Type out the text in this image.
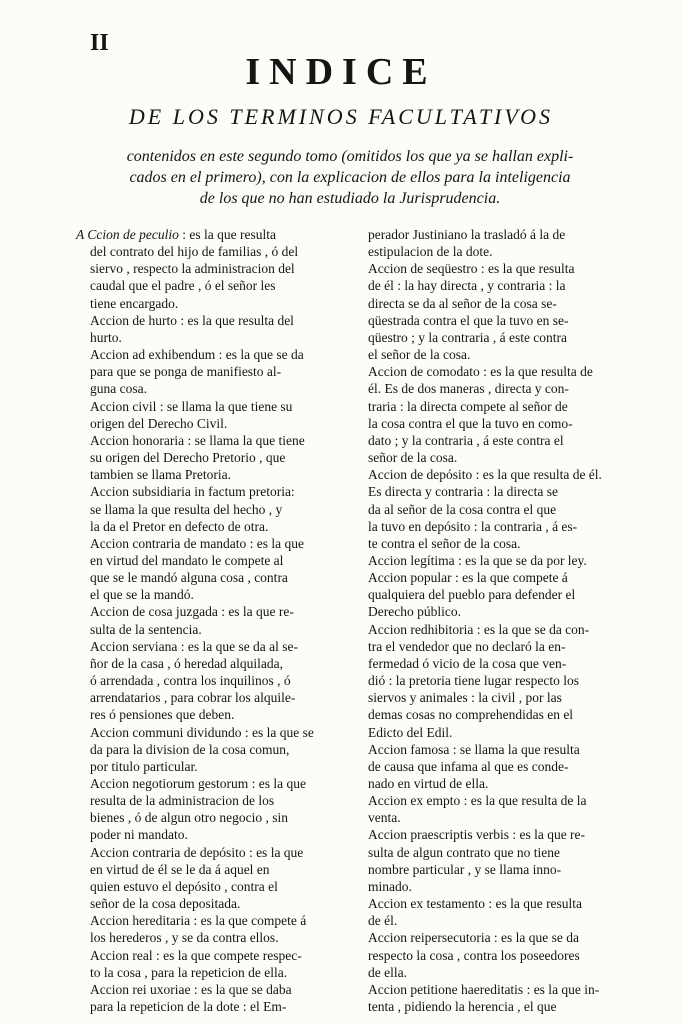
II
INDICE
DE LOS TERMINOS FACULTATIVOS
contenidos en este segundo tomo (omitidos los que ya se hallan expli-
cados en el primero), con la explicacion de ellos para la inteligencia
de los que no han estudiado la Jurisprudencia.
A Ccion de peculio : es la que resulta
del contrato del hijo de familias , ó del
siervo , respecto la administracion del
caudal que el padre , ó el señor les
tiene encargado.
Accion de hurto : es la que resulta del
hurto.
Accion ad exhibendum : es la que se da
para que se ponga de manifiesto al-
guna cosa.
Accion civil : se llama la que tiene su
origen del Derecho Civil.
Accion honoraria : se llama la que tiene
su origen del Derecho Pretorio , que
tambien se llama Pretoria.
Accion subsidiaria in factum pretoria:
se llama la que resulta del hecho , y
la da el Pretor en defecto de otra.
Accion contraria de mandato : es la que
en virtud del mandato le compete al
que se le mandó alguna cosa , contra
el que se la mandó.
Accion de cosa juzgada : es la que re-
sulta de la sentencia.
Accion serviana : es la que se da al se-
ñor de la casa , ó heredad alquilada,
ó arrendada , contra los inquilinos , ó
arrendatarios , para cobrar los alquile-
res ó pensiones que deben.
Accion communi dividundo : es la que se
da para la division de la cosa comun,
por titulo particular.
Accion negotiorum gestorum : es la que
resulta de la administracion de los
bienes , ó de algun otro negocio , sin
poder ni mandato.
Accion contraria de depósito : es la que
en virtud de él se le da á aquel en
quien estuvo el depósito , contra el
señor de la cosa depositada.
Accion hereditaria : es la que compete á
los herederos , y se da contra ellos.
Accion real : es la que compete respec-
to la cosa , para la repeticion de ella.
Accion rei uxoriae : es la que se daba
para la repeticion de la dote : el Em-
perador Justiniano la trasladó á la de
estipulacion de la dote.
Accion de seqüestro : es la que resulta
de él : la hay directa , y contraria : la
directa se da al señor de la cosa se-
qüestrada contra el que la tuvo en se-
qüestro ; y la contraria , á este contra
el señor de la cosa.
Accion de comodato : es la que resulta de
él. Es de dos maneras , directa y con-
traria : la directa compete al señor de
la cosa contra el que la tuvo en como-
dato ; y la contraria , á este contra el
señor de la cosa.
Accion de depósito : es la que resulta de él.
Es directa y contraria : la directa se
da al señor de la cosa contra el que
la tuvo en depósito : la contraria , á es-
te contra el señor de la cosa.
Accion legítima : es la que se da por ley.
Accion popular : es la que compete á
qualquiera del pueblo para defender el
Derecho público.
Accion redhibitoria : es la que se da con-
tra el vendedor que no declaró la en-
fermedad ó vicio de la cosa que ven-
dió : la pretoria tiene lugar respecto los
siervos y animales : la civil , por las
demas cosas no comprehendidas en el
Edicto del Edil.
Accion famosa : se llama la que resulta
de causa que infama al que es conde-
nado en virtud de ella.
Accion ex empto : es la que resulta de la
venta.
Accion praescriptis verbis : es la que re-
sulta de algun contrato que no tiene
nombre particular , y se llama inno-
minado.
Accion ex testamento : es la que resulta
de él.
Accion reipersecutoria : es la que se da
respecto la cosa , contra los poseedores
de ella.
Accion petitione haereditatis : es la que in-
tenta , pidiendo la herencia , el que
